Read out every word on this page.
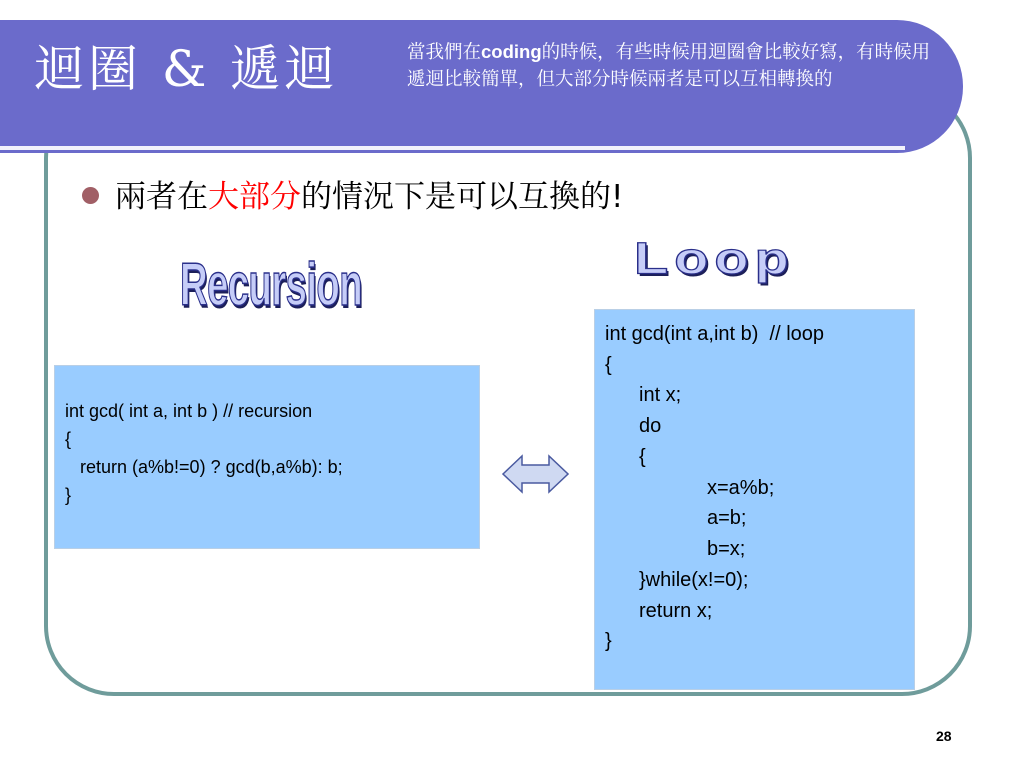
迴圈 & 遞迴	當我們在coding的時候，有些時候用迴圈會比較好寫，有時候用遞迴比較簡單，但大部分時候兩者是可以互相轉換的
兩者在大部分的情況下是可以互換的!
Recursion	Loop
int gcd( int a, int b ) // recursion
{
return (a%b!=0) ? gcd(b,a%b): b;
}
int gcd(int a,int b)  // loop
{
int x;
do
{
x=a%b;
a=b;
b=x;
}while(x!=0);
return x;
}
28
